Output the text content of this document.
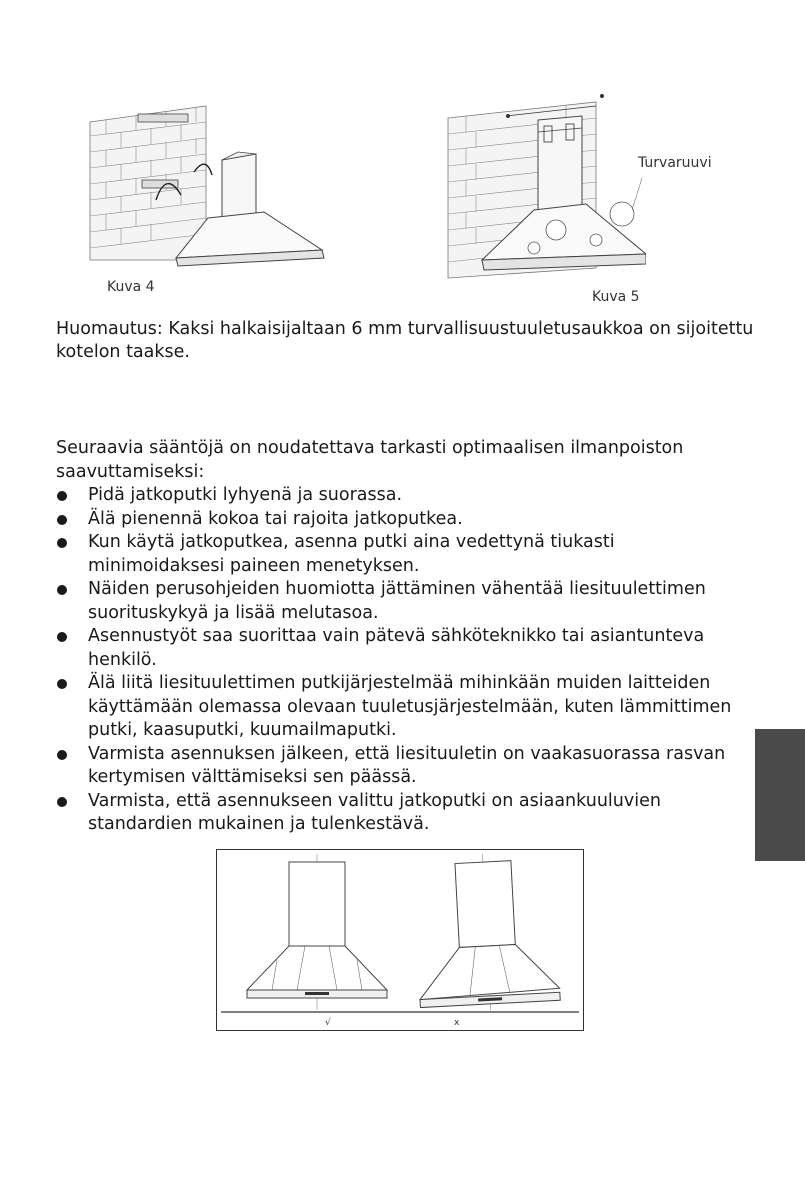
Kuva 4
Turvaruuvi
Kuva 5
Huomautus: Kaksi halkaisijaltaan 6 mm turvallisuustuuletusaukkoa on sijoitettu kotelon taakse.
Seuraavia sääntöjä on noudatettava tarkasti optimaalisen ilmanpoiston saavuttamiseksi:
Pidä jatkoputki lyhyenä ja suorassa.
Älä pienennä kokoa tai rajoita jatkoputkea.
Kun käytä jatkoputkea, asenna putki aina vedettynä tiukasti minimoidaksesi paineen menetyksen.
Näiden perusohjeiden huomiotta jättäminen vähentää liesituulettimen suorituskykyä ja lisää melutasoa.
Asennustyöt saa suorittaa vain pätevä sähköteknikko tai asiantunteva henkilö.
Älä liitä liesituulettimen putkijärjestelmää mihinkään muiden laitteiden käyttämään olemassa olevaan tuuletusjärjestelmään, kuten lämmittimen putki, kaasuputki, kuumailmaputki.
Varmista asennuksen jälkeen, että liesituuletin on vaakasuorassa rasvan kertymisen välttämiseksi sen päässä.
Varmista, että asennukseen valittu jatkoputki on asiaankuuluvien standardien mukainen ja tulenkestävä.
√	x
